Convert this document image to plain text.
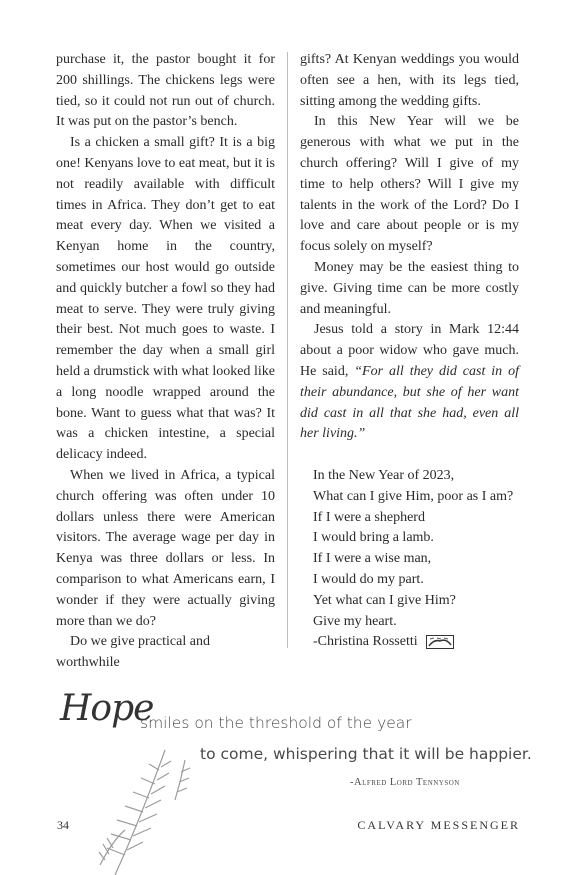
purchase it, the pastor bought it for 200 shillings. The chickens legs were tied, so it could not run out of church. It was put on the pastor’s bench.

Is a chicken a small gift? It is a big one! Kenyans love to eat meat, but it is not readily available with difficult times in Africa. They don’t get to eat meat every day. When we visited a Kenyan home in the country, sometimes our host would go outside and quickly butcher a fowl so they had meat to serve. They were truly giving their best. Not much goes to waste. I remember the day when a small girl held a drumstick with what looked like a long noodle wrapped around the bone. Want to guess what that was? It was a chicken intestine, a special delicacy indeed.

When we lived in Africa, a typical church offering was often under 10 dollars unless there were American visitors. The average wage per day in Kenya was three dollars or less. In comparison to what Americans earn, I wonder if they were actually giving more than we do?

Do we give practical and worthwhile

gifts? At Kenyan weddings you would often see a hen, with its legs tied, sitting among the wedding gifts.

In this New Year will we be generous with what we put in the church offering? Will I give of my time to help others? Will I give my talents in the work of the Lord? Do I love and care about people or is my focus solely on myself?

Money may be the easiest thing to give. Giving time can be more costly and meaningful.

Jesus told a story in Mark 12:44 about a poor widow who gave much. He said, “For all they did cast in of their abundance, but she of her want did cast in all that she had, even all her living.”

In the New Year of 2023,
What can I give Him, poor as I am?
If I were a shepherd
I would bring a lamb.
If I were a wise man,
I would do my part.
Yet what can I give Him?
Give my heart.
-Christina Rossetti
Hope
smiles on the threshold of the year
to come, whispering that it will be happier.
-Alfred Lord Tennyson
34	CALVARY MESSENGER
